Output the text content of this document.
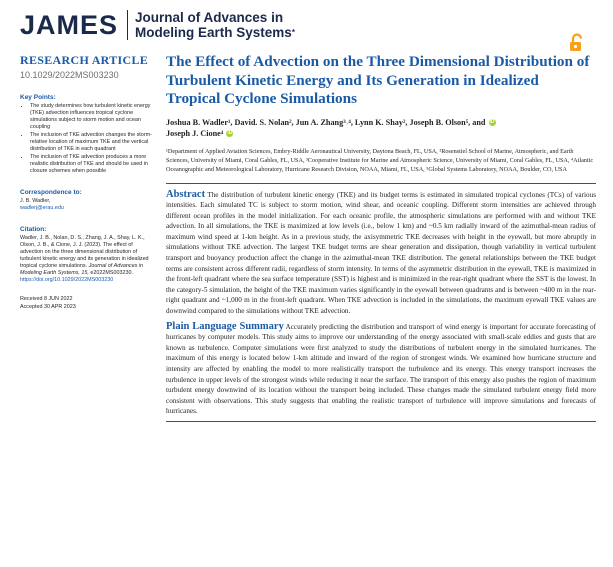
JAMES Journal of Advances in
Modeling Earth Systems*
RESEARCH ARTICLE
10.1029/2022MS003230
Key Points:
• The study determines how turbulent kinetic energy (TKE) advection influences tropical cyclone simulations subject to storm motion and ocean coupling
• The inclusion of TKE advection changes the storm-relative location of maximum TKE and the vertical distribution of TKE in each quadrant
• The inclusion of TKE advection produces a more realistic distribution of TKE and should be used in closure schemes when possible
Correspondence to:
J. B. Wadler,
wadlerj@erau.edu
Citation:
Wadler, J. B., Nolan, D. S., Zhang, J. A., Shay, L. K., Olson, J. B., & Cione, J. J. (2023). The effect of advection on the three dimensional distribution of turbulent kinetic energy and its generation in idealized tropical cyclone simulations. Journal of Advances in Modeling Earth Systems, 15, e2022MS003230. https://doi.org/10.1029/2022MS003230
Received 8 JUN 2022
Accepted 30 APR 2023
The Effect of Advection on the Three Dimensional Distribution of Turbulent Kinetic Energy and Its Generation in Idealized Tropical Cyclone Simulations
Joshua B. Wadler¹, David. S. Nolan², Jun A. Zhang³˒⁴, Lynn K. Shay², Joseph B. Olson⁵, and iD
Joseph J. Cione⁴ iD
¹Department of Applied Aviation Sciences, Embry-Riddle Aeronautical University, Daytona Beach, FL, USA, ²Rosenstiel School of Marine, Atmospheric, and Earth Sciences, University of Miami, Coral Gables, FL, USA, ³Cooperative Institute for Marine and Atmospheric Science, University of Miami, Coral Gables, FL, USA, ⁴Atlantic Oceanographic and Meteorological Laboratory, Hurricane Research Division, NOAA, Miami, FL, USA, ⁵Global Systems Laboratory, NOAA, Boulder, CO, USA
Abstract The distribution of turbulent kinetic energy (TKE) and its budget terms is estimated in simulated tropical cyclones (TCs) of various intensities. Each simulated TC is subject to storm motion, wind shear, and oceanic coupling. Different storm intensities are achieved through different ocean profiles in the model initialization. For each oceanic profile, the atmospheric simulations are performed with and without TKE advection. In all simulations, the TKE is maximized at low levels (i.e., below 1 km) and ~0.5 km radially inward of the azimuthal-mean radius of maximum wind speed at 1-km height. As in a previous study, the axisymmetric TKE decreases with height in the eyewall, but more abruptly in simulations without TKE advection. The largest TKE budget terms are shear generation and dissipation, though variability in vertical turbulent transport and buoyancy production affect the change in the azimuthal-mean TKE distribution. The general relationships between the TKE budget terms are consistent across different radii, regardless of storm intensity. In terms of the asymmetric distribution in the eyewall, TKE is maximized in the front-left quadrant where the sea surface temperature (SST) is highest and is minimized in the rear-right quadrant where the SST is the lowest. In the category-5 simulation, the height of the TKE maximum varies significantly in the eyewall between quadrants and is between ~400 m in the rear-right quadrant and ~1,000 m in the front-left quadrant. When TKE advection is included in the simulations, the maximum eyewall TKE values are downwind compared to the simulations without TKE advection.
Plain Language Summary Accurately predicting the distribution and transport of wind energy is important for accurate forecasting of hurricanes by computer models. This study aims to improve our understanding of the energy associated with small-scale eddies and gusts that are known as turbulence. Computer simulations were first analyzed to study the distributions of turbulent energy in the simulated hurricanes. The maximum of this energy is located below 1-km altitude and inward of the region of strongest winds. We examined how hurricane structure and intensity are affected by enabling the model to more realistically transport the turbulence and its energy. This energy transport increases the turbulence in upper levels of the strongest winds while reducing it near the surface. The transport of this energy also pushes the region of maximum turbulent energy downwind of its location without the transport being included. These changes made the simulated turbulent energy field more consistent with observations. This study suggests that enabling the realistic transport of turbulence will improve simulations and forecasts of hurricanes.
